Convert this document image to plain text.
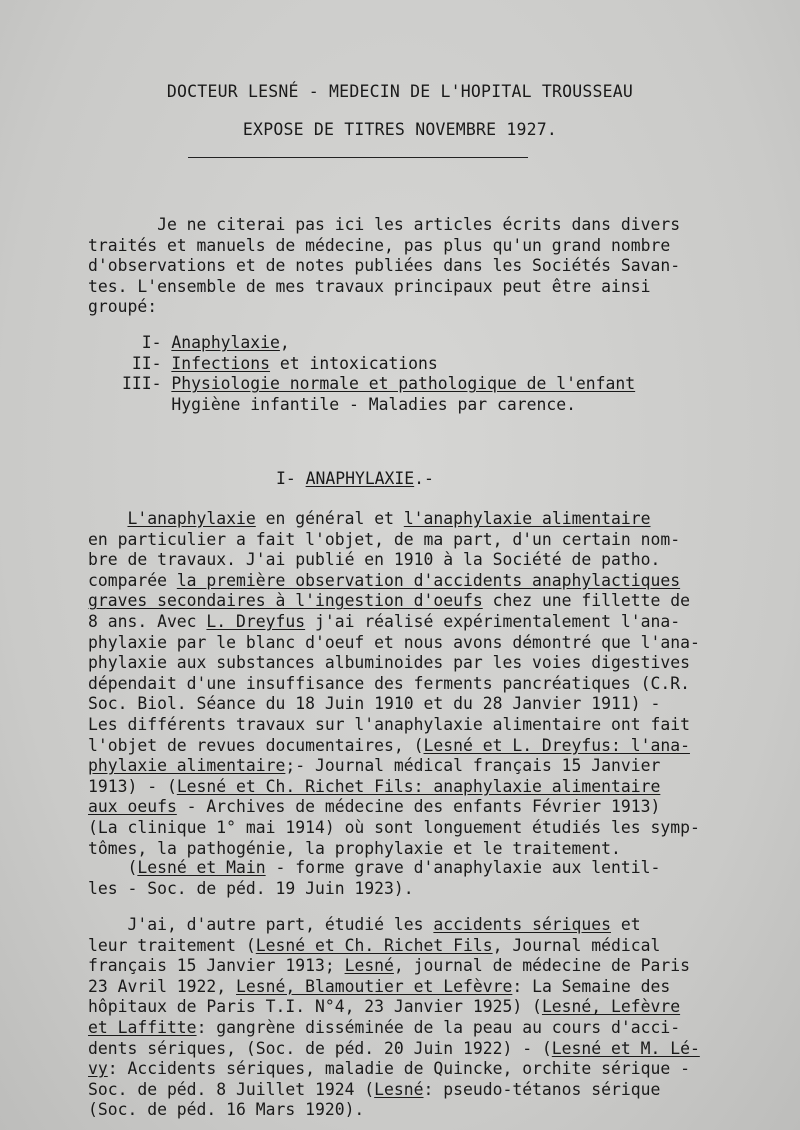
DOCTEUR LESNÉ - MEDECIN DE L'HOPITAL TROUSSEAU
EXPOSE DE TITRES NOVEMBRE 1927.
Je ne citerai pas ici les articles écrits dans divers
traités et manuels de médecine, pas plus qu'un grand nombre
d'observations et de notes publiées dans les Sociétés Savan-
tes. L'ensemble de mes travaux principaux peut être ainsi
groupé:
I- Anaphylaxie,
II- Infections et intoxications
III- Physiologie normale et pathologique de l'enfant
Hygiène infantile - Maladies par carence.
I- ANAPHYLAXIE.-
L'anaphylaxie en général et l'anaphylaxie alimentaire
en particulier a fait l'objet, de ma part, d'un certain nom-
bre de travaux. J'ai publié en 1910 à la Société de patho.
comparée la première observation d'accidents anaphylactiques
graves secondaires à l'ingestion d'oeufs chez une fillette de
8 ans. Avec L. Dreyfus j'ai réalisé expérimentalement l'ana-
phylaxie par le blanc d'oeuf et nous avons démontré que l'ana-
phylaxie aux substances albuminoides par les voies digestives
dépendait d'une insuffisance des ferments pancréatiques (C.R.
Soc. Biol. Séance du 18 Juin 1910 et du 28 Janvier 1911) -
Les différents travaux sur l'anaphylaxie alimentaire ont fait
l'objet de revues documentaires, (Lesné et L. Dreyfus: l'ana-
phylaxie alimentaire;- Journal médical français 15 Janvier
1913) - (Lesné et Ch. Richet Fils: anaphylaxie alimentaire
aux oeufs - Archives de médecine des enfants Février 1913)
(La clinique 1° mai 1914) où sont longuement étudiés les symp-
tômes, la pathogénie, la prophylaxie et le traitement.
(Lesné et Main - forme grave d'anaphylaxie aux lentil-
les - Soc. de péd. 19 Juin 1923).
J'ai, d'autre part, étudié les accidents sériques et
leur traitement (Lesné et Ch. Richet Fils, Journal médical
français 15 Janvier 1913; Lesné, journal de médecine de Paris
23 Avril 1922, Lesné, Blamoutier et Lefèvre: La Semaine des
hôpitaux de Paris T.I. N°4, 23 Janvier 1925) (Lesné, Lefèvre
et Laffitte: gangrène disséminée de la peau au cours d'acci-
dents sériques, (Soc. de péd. 20 Juin 1922) - (Lesné et M. Lé-
vy: Accidents sériques, maladie de Quincke, orchite sérique -
Soc. de péd. 8 Juillet 1924 (Lesné: pseudo-tétanos sérique
(Soc. de péd. 16 Mars 1920).
